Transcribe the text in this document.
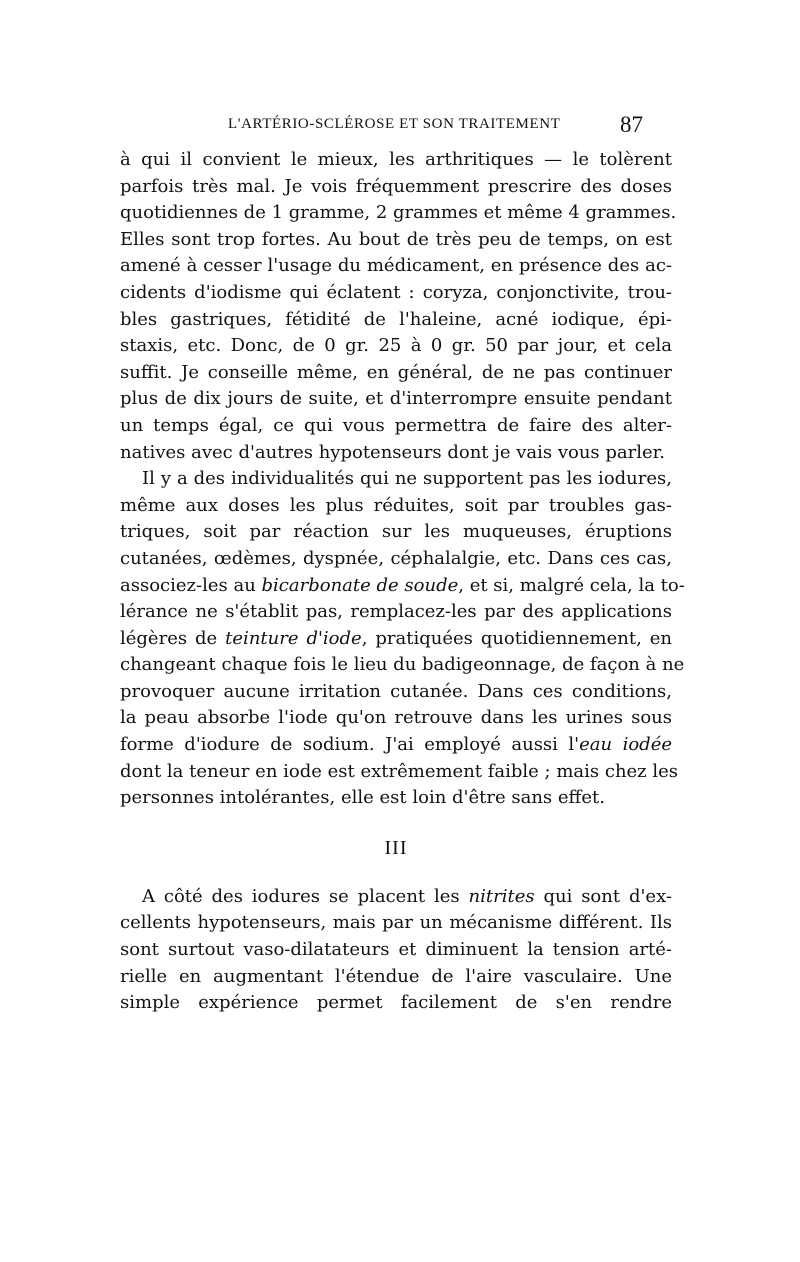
L'ARTÉRIO-SCLÉROSE ET SON TRAITEMENT	87
à qui il convient le mieux, les arthritiques — le tolèrent
parfois très mal. Je vois fréquemment prescrire des doses
quotidiennes de 1 gramme, 2 grammes et même 4 grammes.
Elles sont trop fortes. Au bout de très peu de temps, on est
amené à cesser l'usage du médicament, en présence des ac-
cidents d'iodisme qui éclatent : coryza, conjonctivite, trou-
bles gastriques, fétidité de l'haleine, acné iodique, épi-
staxis, etc. Donc, de 0 gr. 25 à 0 gr. 50 par jour, et cela
suffit. Je conseille même, en général, de ne pas continuer
plus de dix jours de suite, et d'interrompre ensuite pendant
un temps égal, ce qui vous permettra de faire des alter-
natives avec d'autres hypotenseurs dont je vais vous parler.
Il y a des individualités qui ne supportent pas les iodures,
même aux doses les plus réduites, soit par troubles gas-
triques, soit par réaction sur les muqueuses, éruptions
cutanées, œdèmes, dyspnée, céphalalgie, etc. Dans ces cas,
associez-les au bicarbonate de soude, et si, malgré cela, la to-
lérance ne s'établit pas, remplacez-les par des applications
légères de teinture d'iode, pratiquées quotidiennement, en
changeant chaque fois le lieu du badigeonnage, de façon à ne
provoquer aucune irritation cutanée. Dans ces conditions,
la peau absorbe l'iode qu'on retrouve dans les urines sous
forme d'iodure de sodium. J'ai employé aussi l'eau iodée
dont la teneur en iode est extrêmement faible ; mais chez les
personnes intolérantes, elle est loin d'être sans effet.
III
A côté des iodures se placent les nitrites qui sont d'ex-
cellents hypotenseurs, mais par un mécanisme différent. Ils
sont surtout vaso-dilatateurs et diminuent la tension arté-
rielle en augmentant l'étendue de l'aire vasculaire. Une
simple expérience permet facilement de s'en rendre
